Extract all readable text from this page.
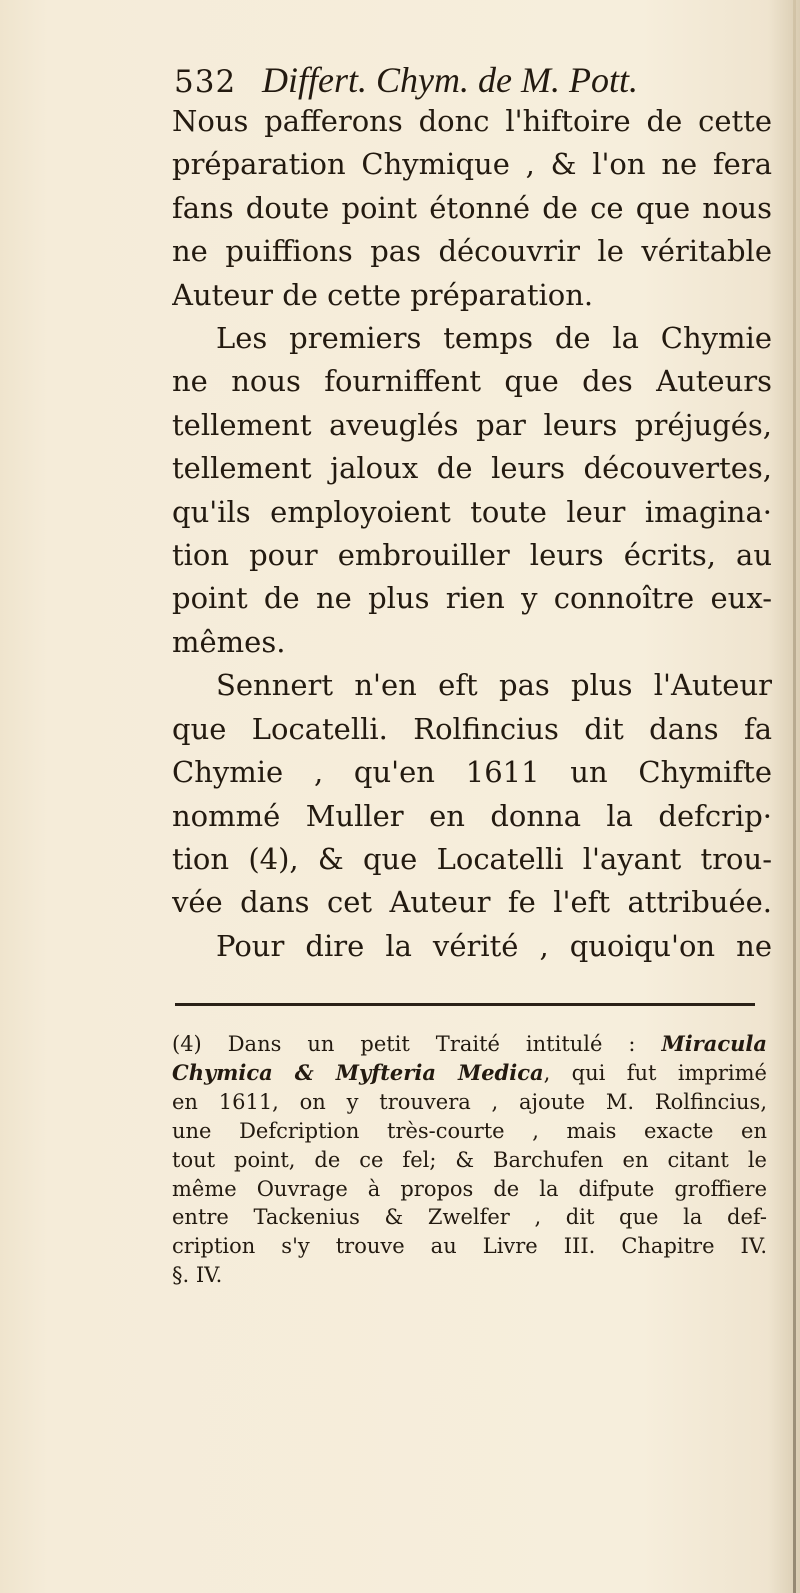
532 Differt. Chym. de M. Pott.
Nous pafferons donc l'hiftoire de cette
préparation Chymique , & l'on ne fera
fans doute point étonné de ce que nous
ne puiffions pas découvrir le véritable
Auteur de cette préparation.
Les premiers temps de la Chymie
ne nous fourniffent que des Auteurs
tellement aveuglés par leurs préjugés,
tellement jaloux de leurs découvertes,
qu'ils employoient toute leur imagina·
tion pour embrouiller leurs écrits, au
point de ne plus rien y connoître eux-
mêmes.
Sennert n'en eft pas plus l'Auteur
que Locatelli. Rolfincius dit dans fa
Chymie , qu'en 1611 un Chymifte
nommé Muller en donna la defcrip·
tion (4), & que Locatelli l'ayant trou-
vée dans cet Auteur fe l'eft attribuée.
Pour dire la vérité , quoiqu'on ne
(4) Dans un petit Traité intitulé : Miracula
Chymica & Myfteria Medica, qui fut imprimé
en 1611, on y trouvera , ajoute M. Rolfincius,
une Defcription très-courte , mais exacte en
tout point, de ce fel; & Barchufen en citant le
même Ouvrage à propos de la difpute groffiere
entre Tackenius & Zwelfer , dit que la def-
cription s'y trouve au Livre III. Chapitre IV.
§. IV.
